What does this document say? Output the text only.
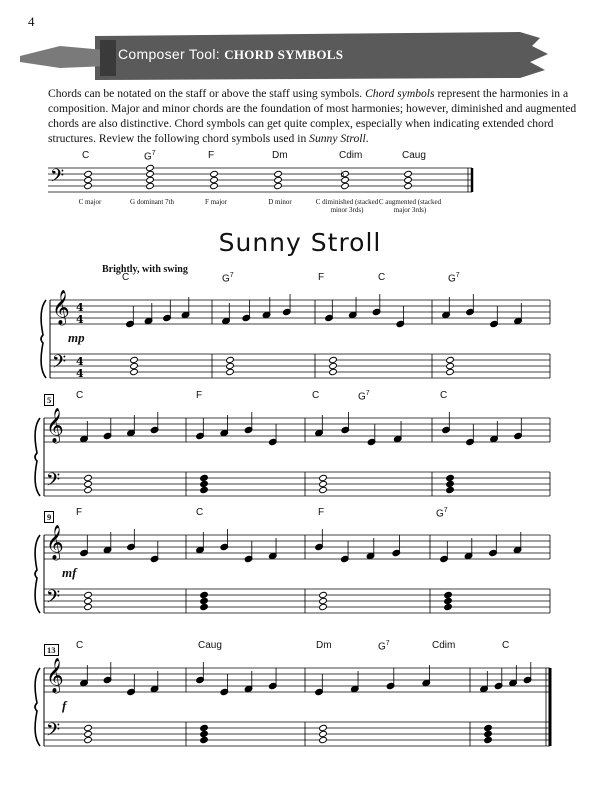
4
Composer Tool: CHORD SYMBOLS
Chords can be notated on the staff or above the staff using symbols. Chord symbols represent the harmonies in a composition. Major and minor chords are the foundation of most harmonies; however, diminished and augmented chords are also distinctive. Chord symbols can get quite complex, especially when indicating extended chord structures. Review the following chord symbols used in Sunny Stroll.
C
C major
$G^7$
G dominant 7th
F
F major
Dm
D minor
Cdim
C diminished (stacked minor 3rds)
Caug
C augmented (stacked major 3rds)
Sunny Stroll
Brightly, with swing
C	$G^7$	F	C	$G^7$
mp
C	F	C	$G^7$	C
5
F	C	F	$G^7$
9
mf
C	Caug	Dm	$G^7$	Cdim	C
13
f
𝄢	♭
𝄞
𝄢
4
4
4
4
𝄞
𝄢
𝄞
𝄢
𝄞
𝄢
